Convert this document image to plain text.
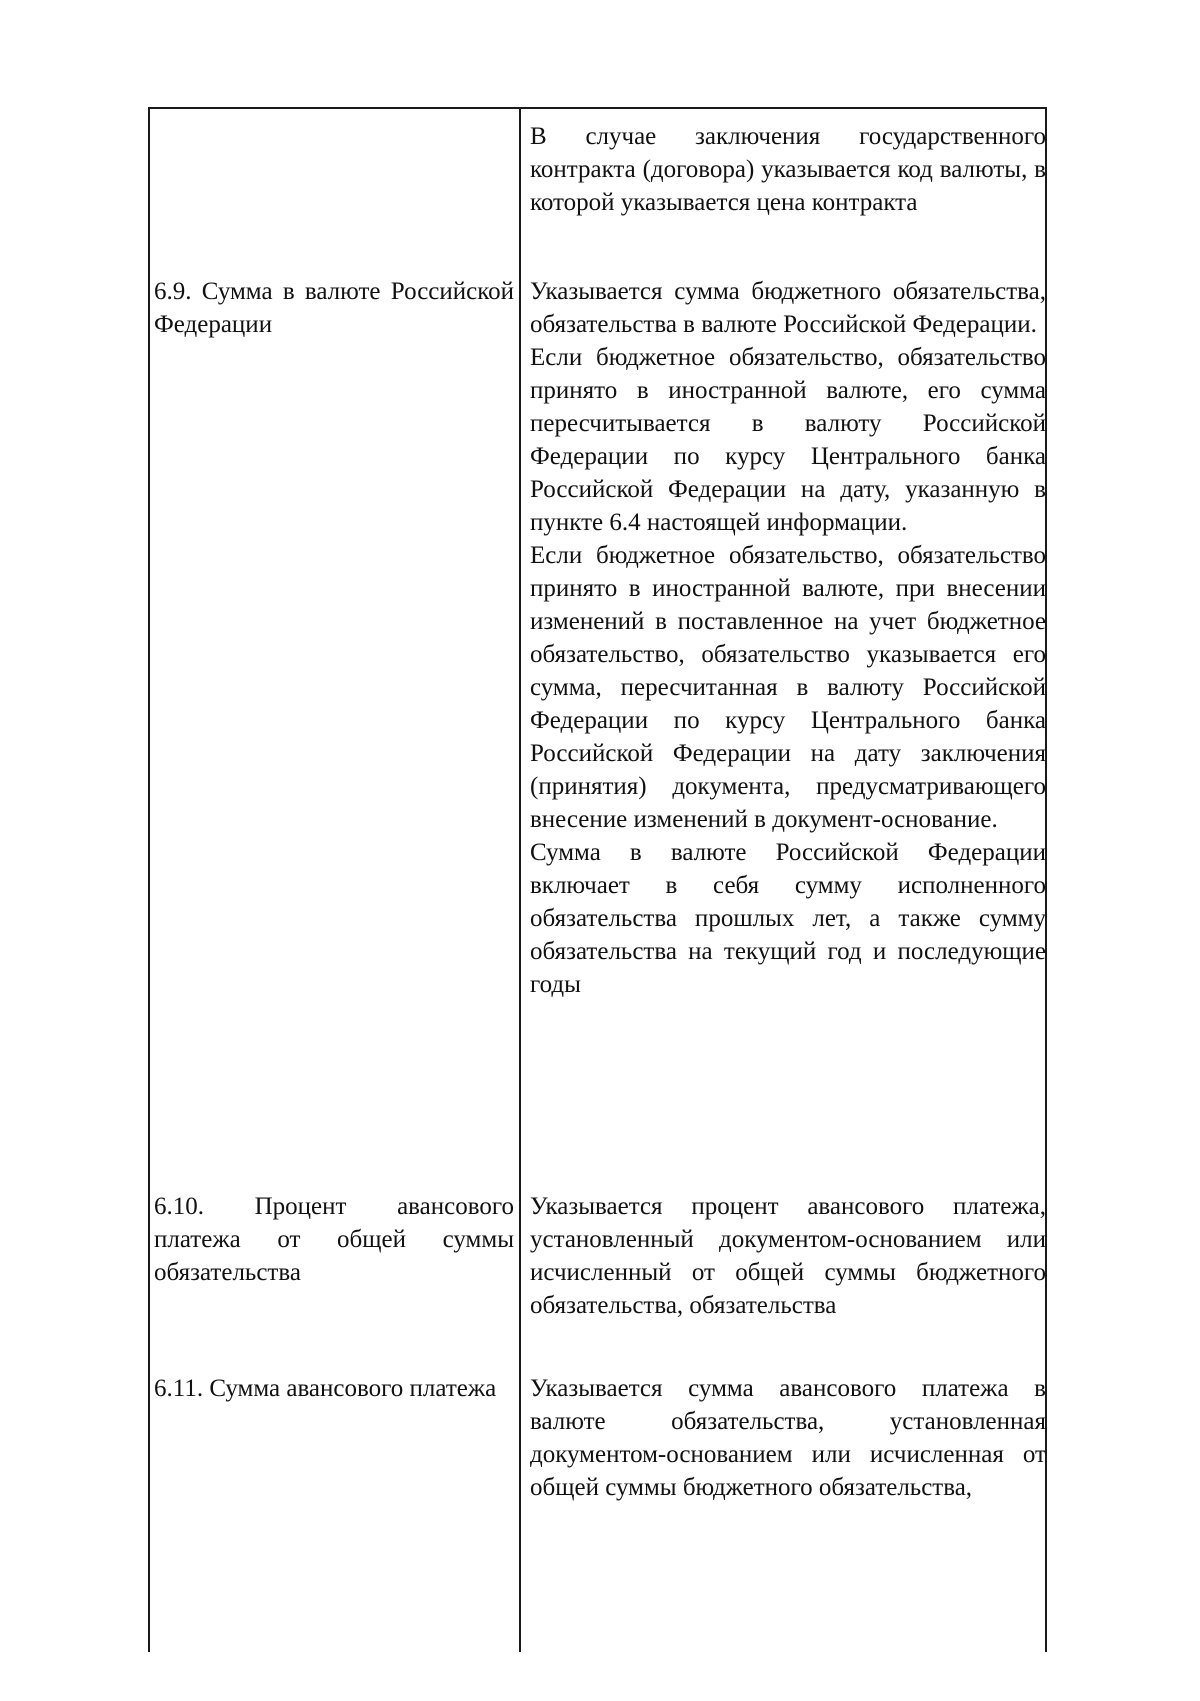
В случае заключения государственного контракта (договора) указывается код валюты, в которой указывается цена контракта

6.9. Сумма в валюте Российской Федерации

Указывается сумма бюджетного обязательства, обязательства в валюте Российской Федерации.

Если бюджетное обязательство, обязательство принято в иностранной валюте, его сумма пересчитывается в валюту Российской Федерации по курсу Центрального банка Российской Федерации на дату, указанную в пункте 6.4 настоящей информации.

Если бюджетное обязательство, обязательство принято в иностранной валюте, при внесении изменений в поставленное на учет бюджетное обязательство, обязательство указывается его сумма, пересчитанная в валюту Российской Федерации по курсу Центрального банка Российской Федерации на дату заключения (принятия) документа, предусматривающего внесение изменений в документ-основание.

Сумма в валюте Российской Федерации включает в себя сумму исполненного обязательства прошлых лет, а также сумму обязательства на текущий год и последующие годы

6.10. Процент авансового платежа от общей суммы обязательства

Указывается процент авансового платежа, установленный документом-основанием или исчисленный от общей суммы бюджетного обязательства, обязательства

6.11. Сумма авансового платежа	Указывается сумма авансового платежа в валюте обязательства, установленная документом-основанием или исчисленная от общей суммы бюджетного обязательства,
